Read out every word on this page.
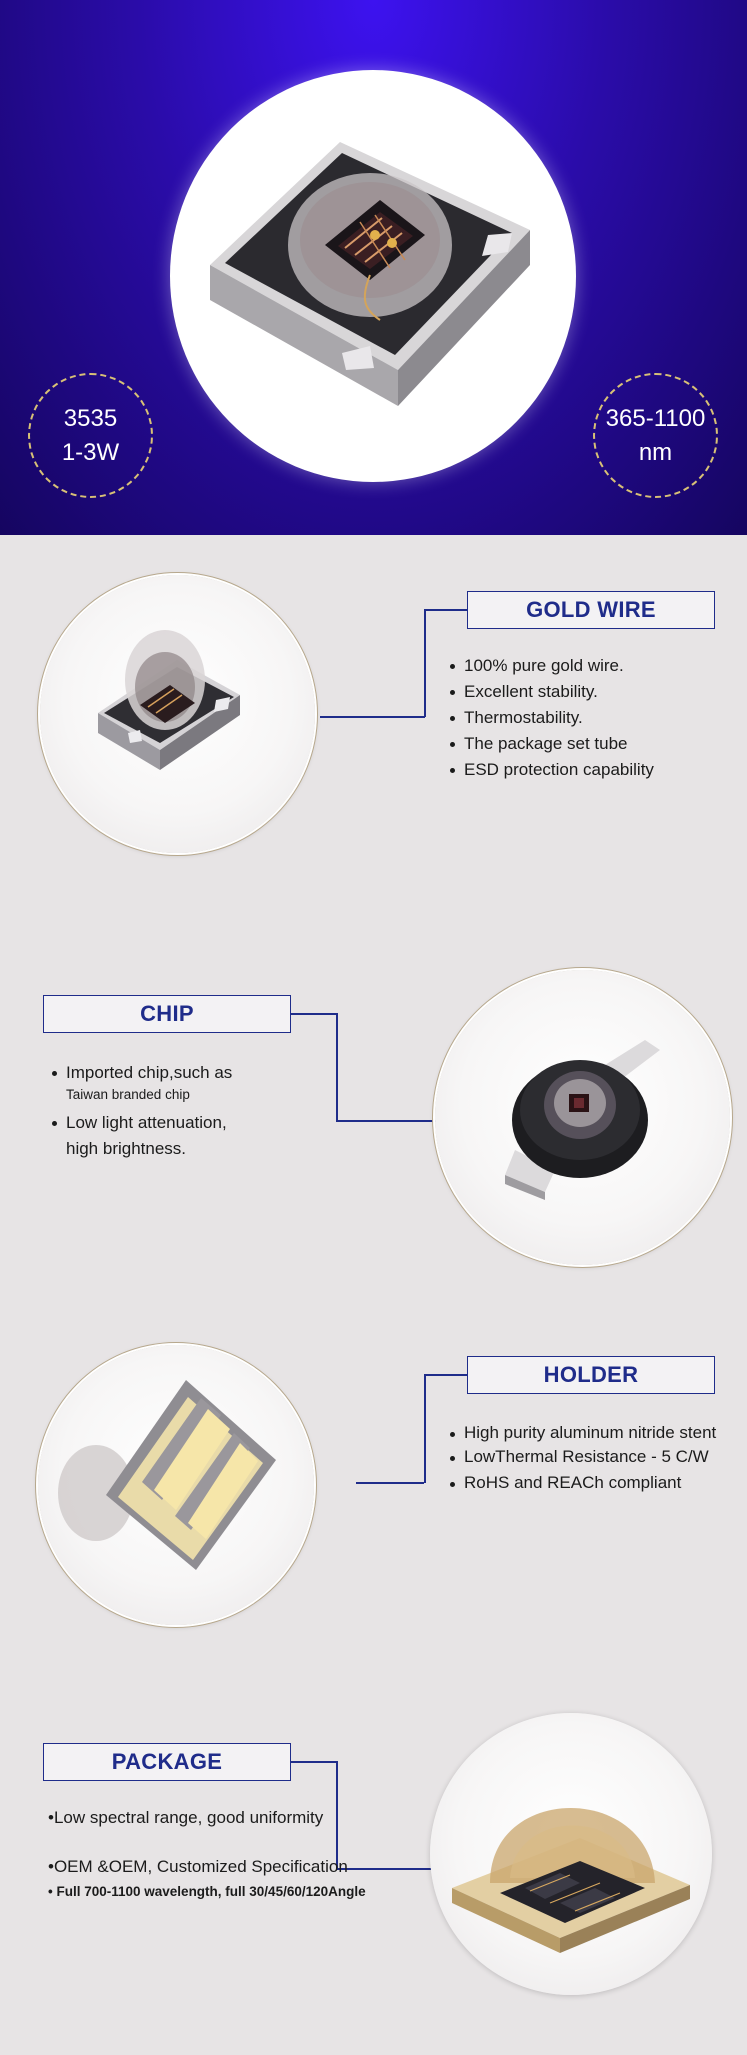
3535
1-3W
365-1100
nm
GOLD WIRE
100% pure gold wire.
Excellent stability.
Thermostability.
The package set tube
ESD protection capability
CHIP
Imported chip,such as
Taiwan branded chip
Low light attenuation,
high brightness.
HOLDER
High purity aluminum nitride stent
LowThermal Resistance - 5 C/W
RoHS and REACh compliant
PACKAGE
•Low spectral range, good uniformity
•OEM &OEM, Customized Specification
• Full 700-1100 wavelength, full 30/45/60/120Angle
